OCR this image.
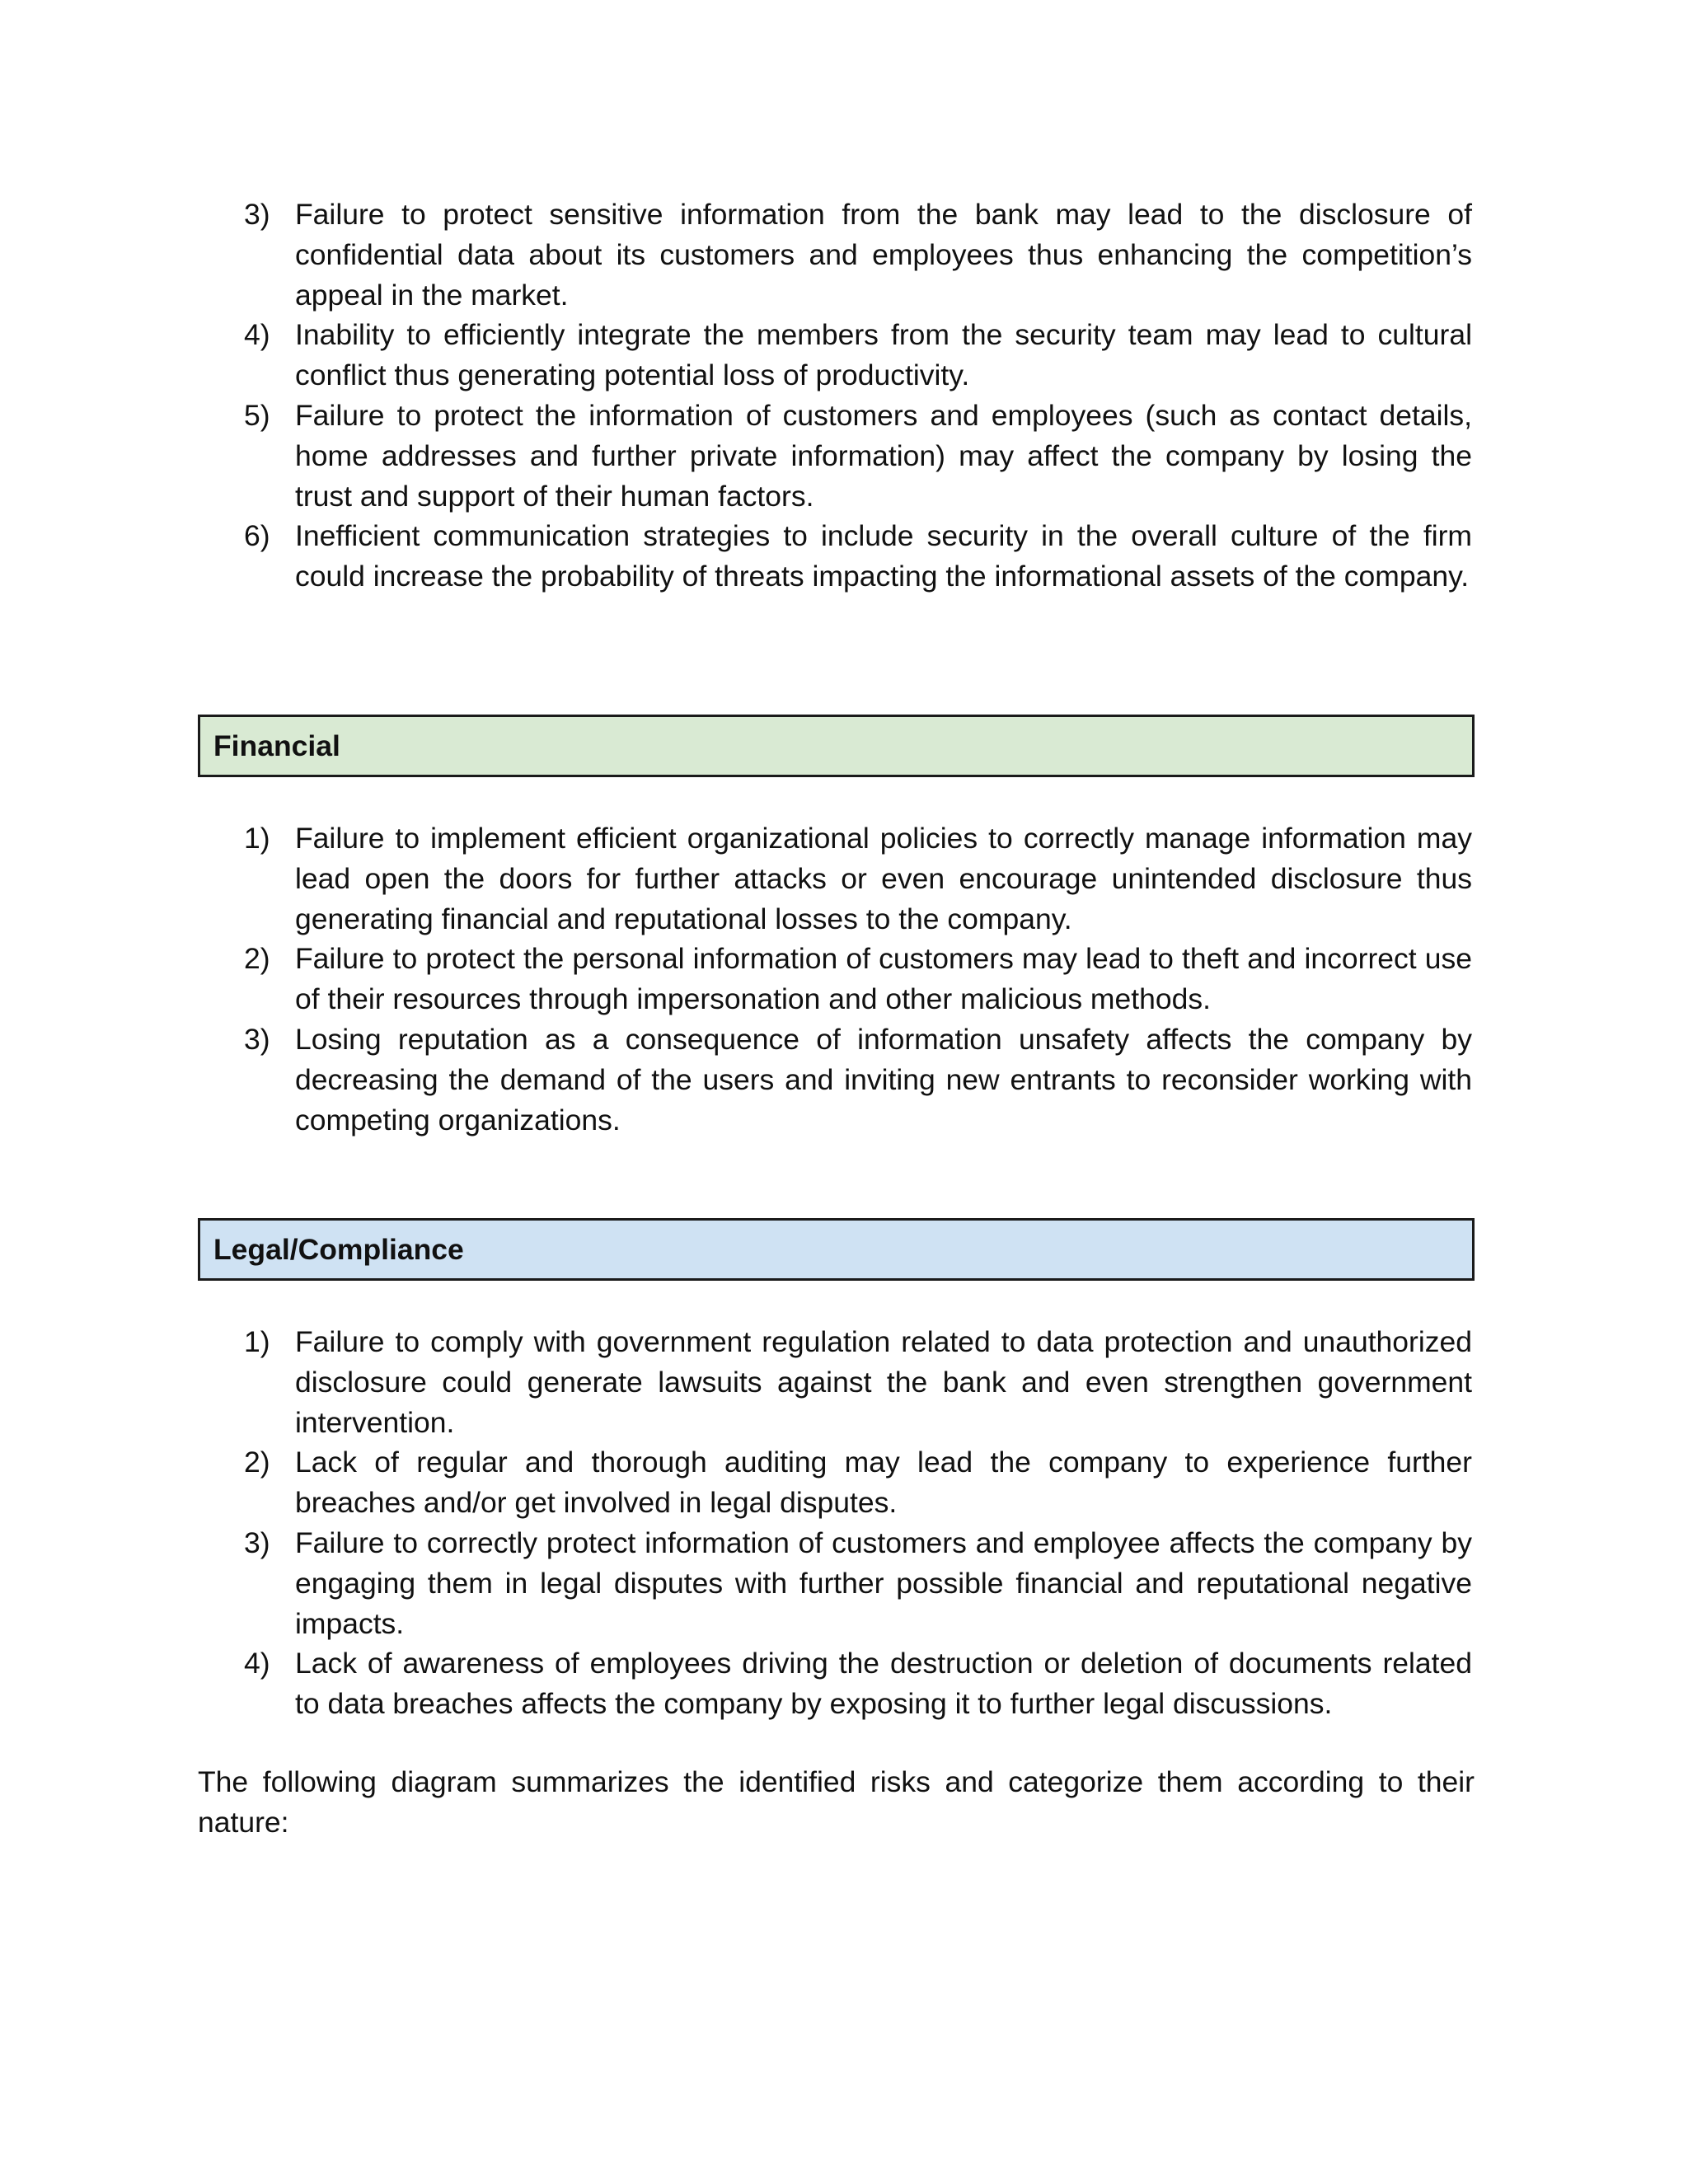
3) Failure to protect sensitive information from the bank may lead to the disclosure of confidential data about its customers and employees thus enhancing the competition’s appeal in the market.
4) Inability to efficiently integrate the members from the security team may lead to cultural conflict thus generating potential loss of productivity.
5) Failure to protect the information of customers and employees (such as contact details, home addresses and further private information) may affect the company by losing the trust and support of their human factors.
6) Inefficient communication strategies to include security in the overall culture of the firm could increase the probability of threats impacting the informational assets of the company.
Financial
1) Failure to implement efficient organizational policies to correctly manage information may lead open the doors for further attacks or even encourage unintended disclosure thus generating financial and reputational losses to the company.
2) Failure to protect the personal information of customers may lead to theft and incorrect use of their resources through impersonation and other malicious methods.
3) Losing reputation as a consequence of information unsafety affects the company by decreasing the demand of the users and inviting new entrants to reconsider working with competing organizations.
Legal/Compliance
1) Failure to comply with government regulation related to data protection and unauthorized disclosure could generate lawsuits against the bank and even strengthen government intervention.
2) Lack of regular and thorough auditing may lead the company to experience further breaches and/or get involved in legal disputes.
3) Failure to correctly protect information of customers and employee affects the company by engaging them in legal disputes with further possible financial and reputational negative impacts.
4) Lack of awareness of employees driving the destruction or deletion of documents related to data breaches affects the company by exposing it to further legal discussions.

The following diagram summarizes the identified risks and categorize them according to their nature:
